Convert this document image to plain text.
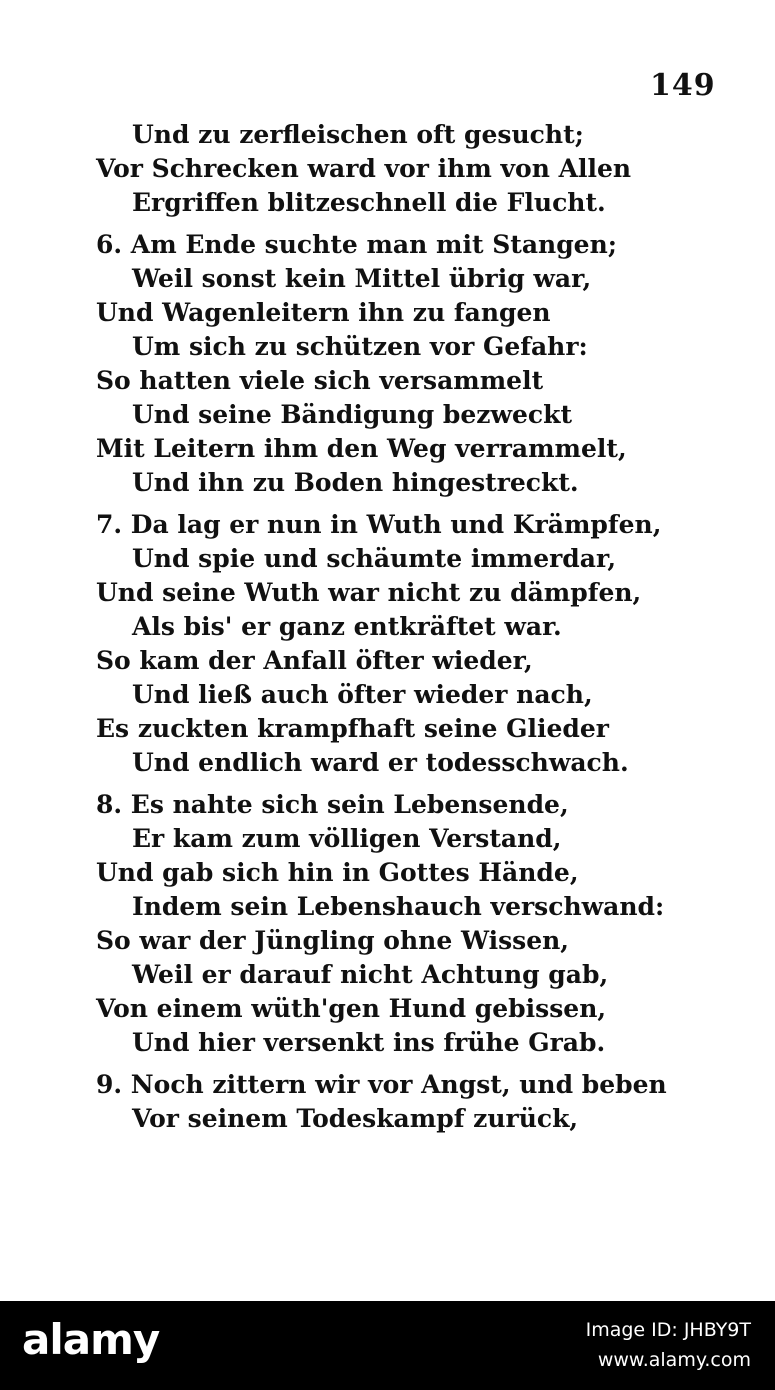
149
Und zu zerfleischen oft gesucht;
Vor Schrecken ward vor ihm von Allen
Ergriffen blitzeschnell die Flucht.
6. Am Ende suchte man mit Stangen;
Weil sonst kein Mittel übrig war,
Und Wagenleitern ihn zu fangen
Um sich zu schützen vor Gefahr:
So hatten viele sich versammelt
Und seine Bändigung bezweckt
Mit Leitern ihm den Weg verrammelt,
Und ihn zu Boden hingestreckt.
7. Da lag er nun in Wuth und Krämpfen,
Und spie und schäumte immerdar,
Und seine Wuth war nicht zu dämpfen,
Als bis' er ganz entkräftet war.
So kam der Anfall öfter wieder,
Und ließ auch öfter wieder nach,
Es zuckten krampfhaft seine Glieder
Und endlich ward er todesschwach.
8. Es nahte sich sein Lebensende,
Er kam zum völligen Verstand,
Und gab sich hin in Gottes Hände,
Indem sein Lebenshauch verschwand:
So war der Jüngling ohne Wissen,
Weil er darauf nicht Achtung gab,
Von einem wüth'gen Hund gebissen,
Und hier versenkt ins frühe Grab.
9. Noch zittern wir vor Angst, und beben
Vor seinem Todeskampf zurück,
alamy	Image ID: JHBY9T
www.alamy.com
